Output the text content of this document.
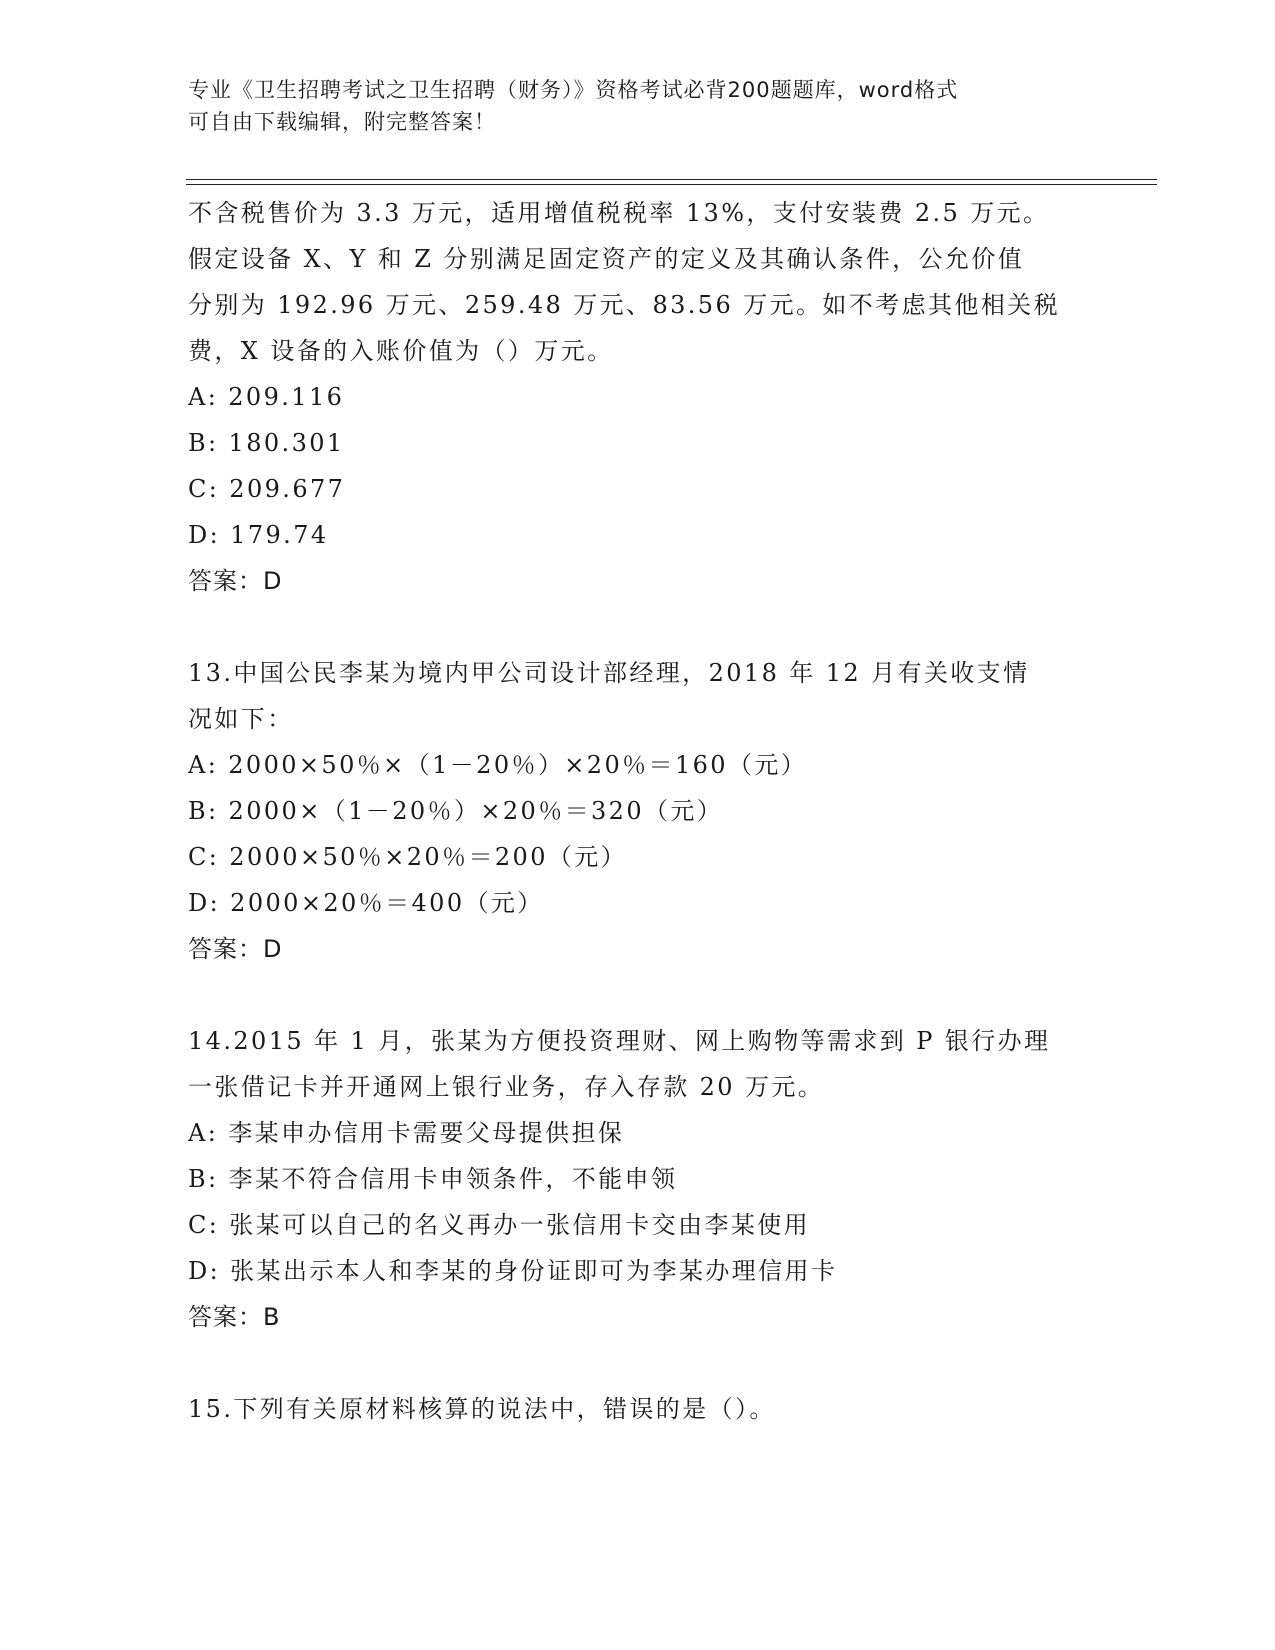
专业《卫生招聘考试之卫生招聘（财务）》资格考试必背200题题库，word格式
可自由下载编辑，附完整答案！
不含税售价为 3.3 万元，适用增值税税率 13%，支付安装费 2.5 万元。
假定设备 X、Y 和 Z 分别满足固定资产的定义及其确认条件，公允价值
分别为 192.96 万元、259.48 万元、83.56 万元。如不考虑其他相关税
费，X 设备的入账价值为（）万元。
A: 209.116
B: 180.301
C: 209.677
D: 179.74
答案：D
13.中国公民李某为境内甲公司设计部经理，2018 年 12 月有关收支情
况如下：
A: 2000×50％×（1－20％）×20％＝160（元）
B: 2000×（1－20％）×20％＝320（元）
C: 2000×50％×20％＝200（元）
D: 2000×20％＝400（元）
答案：D
14.2015 年 1 月，张某为方便投资理财、网上购物等需求到 P 银行办理
一张借记卡并开通网上银行业务，存入存款 20 万元。
A: 李某申办信用卡需要父母提供担保
B: 李某不符合信用卡申领条件，不能申领
C: 张某可以自己的名义再办一张信用卡交由李某使用
D: 张某出示本人和李某的身份证即可为李某办理信用卡
答案：B
15.下列有关原材料核算的说法中，错误的是（）。
